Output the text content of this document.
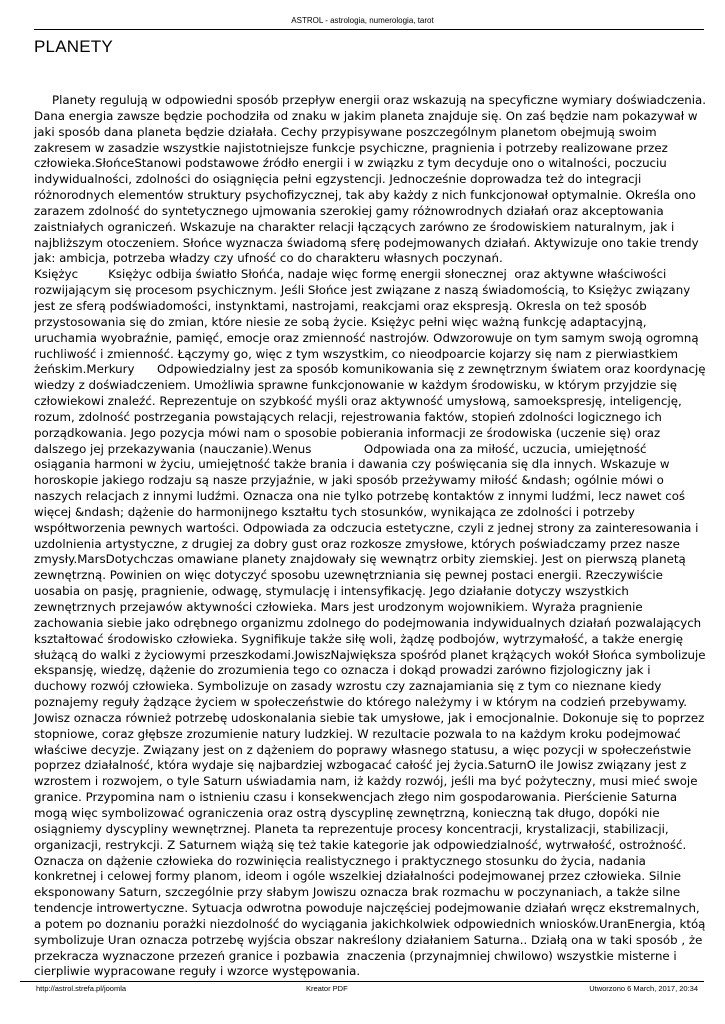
ASTROL - astrologia, numerologia, tarot
PLANETY

Planety regulują w odpowiedni sposób przepływ energii oraz wskazują na specyficzne wymiary doświadczenia. Dana energia zawsze będzie pochodziła od znaku w jakim planeta znajduje się. On zaś będzie nam pokazywał w jaki sposób dana planeta będzie działała. Cechy przypisywane poszczególnym planetom obejmują swoim zakresem w zasadzie wszystkie najistotniejsze funkcje psychiczne, pragnienia i potrzeby realizowane przez człowieka.SłońceStanowi podstawowe źródło energii i w związku z tym decyduje ono o witalności, poczuciu indywidualności, zdolności do osiągnięcia pełni egzystencji. Jednocześnie doprowadza też do integracji różnorodnych elementów struktury psychofizycznej, tak aby każdy z nich funkcjonował optymalnie. Określa ono zarazem zdolność do syntetycznego ujmowania szerokiej gamy różnowrodnych działań oraz akceptowania zaistniałych ograniczeń. Wskazuje na charakter relacji łączących zarówno ze środowiskiem naturalnym, jak i najbliższym otoczeniem. Słońce wyznacza świadomą sferę podejmowanych działań. Aktywizuje ono takie trendy jak: ambicja, potrzeba władzy czy ufność co do charakteru własnych poczynań.
Księżyc        Księżyc odbija światło Słońća, nadaje więc formę energii słonecznej  oraz aktywne właściwości rozwijającym się procesom psychicznym. Jeśli Słońce jest związane z naszą świadomością, to Księżyc związany jest ze sferą podświadomości, instynktami, nastrojami, reakcjami oraz ekspresją. Okresla on też sposób przystosowania się do zmian, które niesie ze sobą życie. Księżyc pełni więc ważną funkcję adaptacyjną, uruchamia wyobraźnie, pamięć, emocje oraz zmienność nastrojów. Odwzorowuje on tym samym swoją ogromną ruchliwość i zmienność. Łączymy go, więc z tym wszystkim, co nieodpoarcie kojarzy się nam z pierwiastkiem żeńskim.Merkury      Odpowiedzialny jest za sposób komunikowania się z zewnętrznym światem oraz koordynację wiedzy z doświadczeniem. Umożliwia sprawne funkcjonowanie w każdym środowisku, w którym przyjdzie się człowiekowi znaleźć. Reprezentuje on szybkość myśli oraz aktywność umysłową, samoekspresję, inteligencję, rozum, zdolność postrzegania powstających relacji, rejestrowania faktów, stopień zdolności logicznego ich porządkowania. Jego pozycja mówi nam o sposobie pobierania informacji ze środowiska (uczenie się) oraz dalszego jej przekazywania (nauczanie).Wenus              Odpowiada ona za miłość, uczucia, umiejętność osiągania harmoni w życiu, umiejętność także brania i dawania czy poświęcania się dla innych. Wskazuje w horoskopie jakiego rodzaju są nasze przyjaźnie, w jaki sposób przeżywamy miłość &ndash; ogólnie mówi o naszych relacjach z innymi ludźmi. Oznacza ona nie tylko potrzebę kontaktów z innymi ludźmi, lecz nawet coś więcej &ndash; dążenie do harmonijnego kształtu tych stosunków, wynikająca ze zdolności i potrzeby współtworzenia pewnych wartości. Odpowiada za odczucia estetyczne, czyli z jednej strony za zainteresowania i uzdolnienia artystyczne, z drugiej za dobry gust oraz rozkosze zmysłowe, których poświadczamy przez nasze zmysły.MarsDotychczas omawiane planety znajdowały się wewnątrz orbity ziemskiej. Jest on pierwszą planetą zewnętrzną. Powinien on więc dotyczyć sposobu uzewnętrzniania się pewnej postaci energii. Rzeczywiście uosabia on pasję, pragnienie, odwagę, stymulację i intensyfikację. Jego działanie dotyczy wszystkich zewnętrznych przejawów aktywności człowieka. Mars jest urodzonym wojownikiem. Wyraża pragnienie zachowania siebie jako odrębnego organizmu zdolnego do podejmowania indywidualnych działań pozwalających kształtować środowisko człowieka. Sygnifikuje także siłę woli, żądzę podbojów, wytrzymałość, a także energię służącą do walki z życiowymi przeszkodami.JowiszNajwiększa spośród planet krążących wokół Słońca symbolizuje ekspansję, wiedzę, dążenie do zrozumienia tego co oznacza i dokąd prowadzi zarówno fizjologiczny jak i duchowy rozwój człowieka. Symbolizuje on zasady wzrostu czy zaznajamiania się z tym co nieznane kiedy poznajemy reguły żądzące życiem w społeczeństwie do którego należymy i w którym na codzień przebywamy. Jowisz oznacza również potrzebę udoskonalania siebie tak umysłowe, jak i emocjonalnie. Dokonuje się to poprzez stopniowe, coraz głębsze zrozumienie natury ludzkiej. W rezultacie pozwala to na każdym kroku podejmować właściwe decyzje. Związany jest on z dążeniem do poprawy własnego statusu, a więc pozycji w społeczeństwie poprzez działalność, która wydaje się najbardziej wzbogacać całość jej życia.SaturnO ile Jowisz związany jest z wzrostem i rozwojem, o tyle Saturn uświadamia nam, iż każdy rozwój, jeśli ma być pożyteczny, musi mieć swoje granice. Przypomina nam o istnieniu czasu i konsekwencjach złego nim gospodarowania. Pierścienie Saturna mogą więc symbolizować ograniczenia oraz ostrą dyscyplinę zewnętrzną, konieczną tak długo, dopóki nie osiągniemy dyscypliny wewnętrznej. Planeta ta reprezentuje procesy koncentracji, krystalizacji, stabilizacji, organizacji, restrykcji. Z Saturnem wiążą się też takie kategorie jak odpowiedzialność, wytrwałość, ostrożność. Oznacza on dążenie człowieka do rozwinięcia realistycznego i praktycznego stosunku do życia, nadania konkretnej i celowej formy planom, ideom i ogóle wszelkiej działalności podejmowanej przez człowieka. Silnie eksponowany Saturn, szczególnie przy słabym Jowiszu oznacza brak rozmachu w poczynaniach, a także silne tendencje introwertyczne. Sytuacja odwrotna powoduje najczęściej podejmowanie działań wręcz ekstremalnych, a potem po doznaniu porażki niezdolność do wyciągania jakichkolwiek odpowiednich wniosków.UranEnergia, któą symbolizuje Uran oznacza potrzebę wyjścia obszar nakreślony działaniem Saturna.. Działą ona w taki sposób , że przekracza wyznaczone przezeń granice i pozbawia  znaczenia (przynajmniej chwilowo) wszystkie misterne i cierpliwie wypracowane reguły i wzorce występowania.

http://astrol.strefa.pl/joomla	Kreator PDF	Utworzono 6 March, 2017, 20:34
